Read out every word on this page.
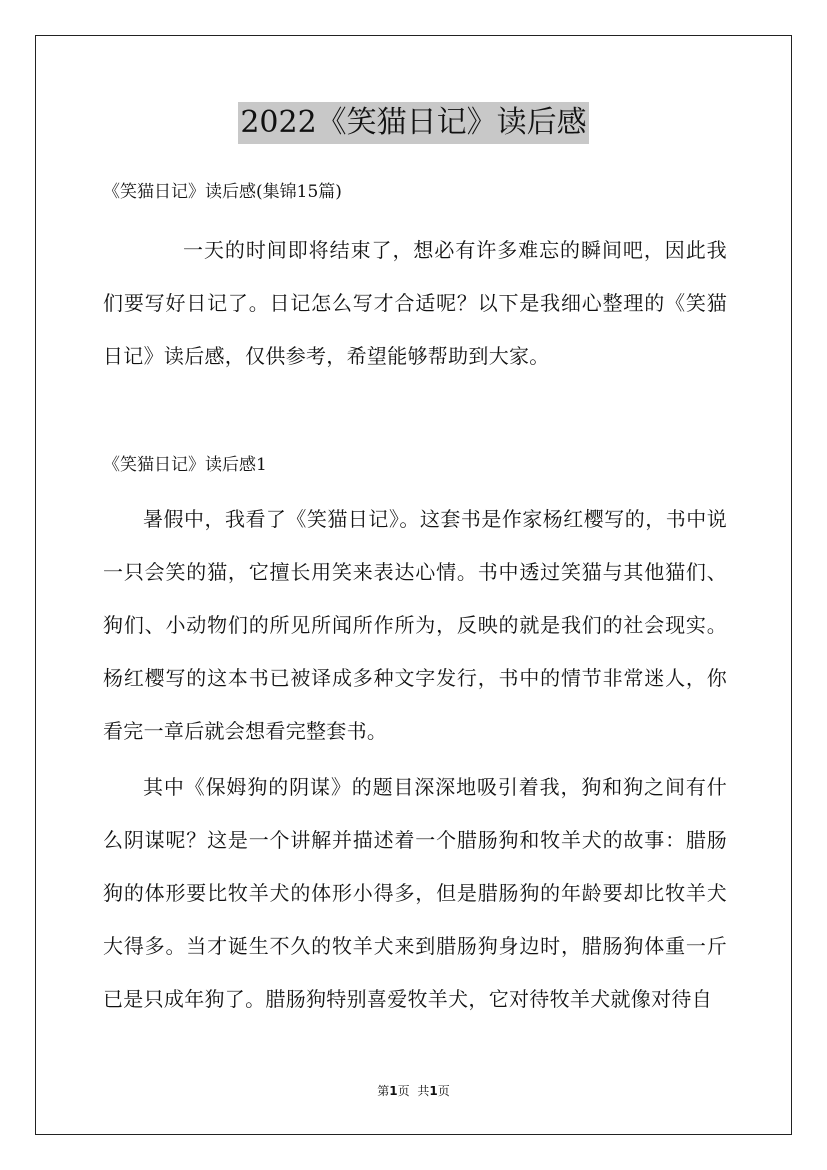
2022《笑猫日记》读后感
《笑猫日记》读后感(集锦15篇)

一天的时间即将结束了，想必有许多难忘的瞬间吧，因此我们要写好日记了。日记怎么写才合适呢？以下是我细心整理的《笑猫日记》读后感，仅供参考，希望能够帮助到大家。

《笑猫日记》读后感1

暑假中，我看了《笑猫日记》。这套书是作家杨红樱写的，书中说一只会笑的猫，它擅长用笑来表达心情。书中透过笑猫与其他猫们、狗们、小动物们的所见所闻所作所为，反映的就是我们的社会现实。杨红樱写的这本书已被译成多种文字发行，书中的情节非常迷人，你看完一章后就会想看完整套书。

其中《保姆狗的阴谋》的题目深深地吸引着我，狗和狗之间有什么阴谋呢？这是一个讲解并描述着一个腊肠狗和牧羊犬的故事：腊肠狗的体形要比牧羊犬的体形小得多，但是腊肠狗的年龄要却比牧羊犬大得多。当才诞生不久的牧羊犬来到腊肠狗身边时，腊肠狗体重一斤已是只成年狗了。腊肠狗特别喜爱牧羊犬，它对待牧羊犬就像对待自

第1页 共1页
